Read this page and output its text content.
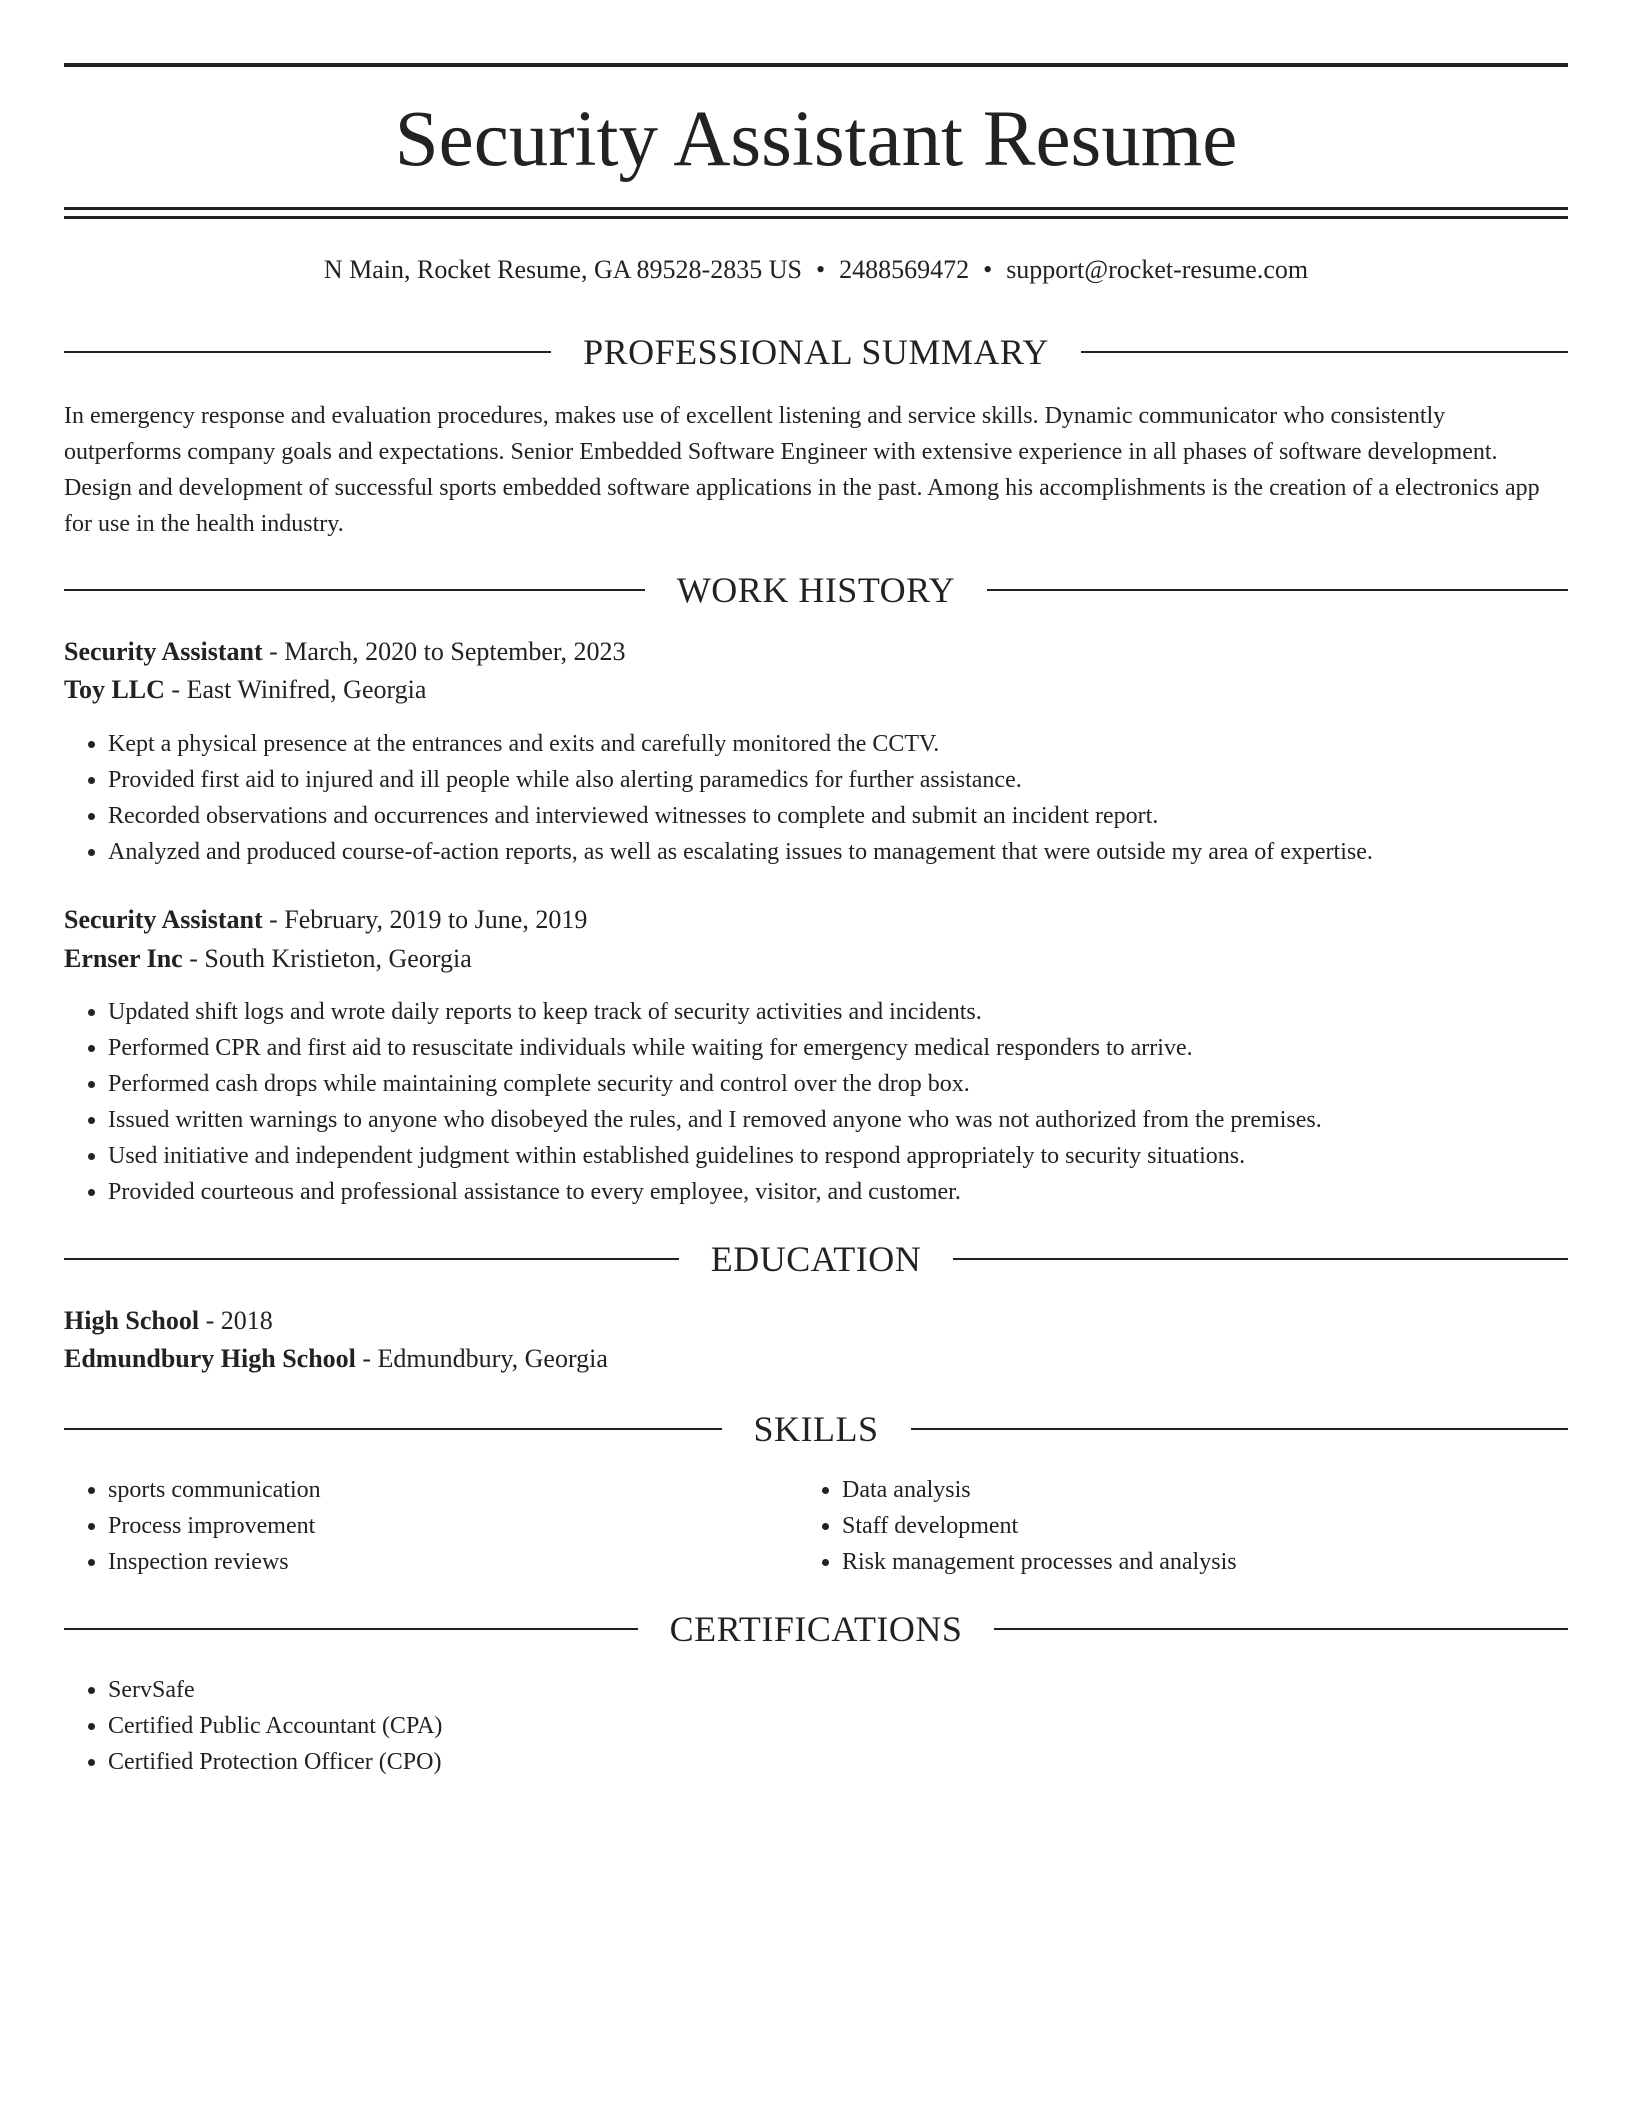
Security Assistant Resume
N Main, Rocket Resume, GA 89528-2835 US • 2488569472 • support@rocket-resume.com
PROFESSIONAL SUMMARY

In emergency response and evaluation procedures, makes use of excellent listening and service skills. Dynamic communicator who consistently outperforms company goals and expectations. Senior Embedded Software Engineer with extensive experience in all phases of software development. Design and development of successful sports embedded software applications in the past. Among his accomplishments is the creation of a electronics app for use in the health industry.

WORK HISTORY
Security Assistant - March, 2020 to September, 2023
Toy LLC - East Winifred, Georgia
• Kept a physical presence at the entrances and exits and carefully monitored the CCTV.
• Provided first aid to injured and ill people while also alerting paramedics for further assistance.
• Recorded observations and occurrences and interviewed witnesses to complete and submit an incident report.
• Analyzed and produced course-of-action reports, as well as escalating issues to management that were outside my area of expertise.
Security Assistant - February, 2019 to June, 2019
Ernser Inc - South Kristieton, Georgia
• Updated shift logs and wrote daily reports to keep track of security activities and incidents.
• Performed CPR and first aid to resuscitate individuals while waiting for emergency medical responders to arrive.
• Performed cash drops while maintaining complete security and control over the drop box.
• Issued written warnings to anyone who disobeyed the rules, and I removed anyone who was not authorized from the premises.
• Used initiative and independent judgment within established guidelines to respond appropriately to security situations.
• Provided courteous and professional assistance to every employee, visitor, and customer.
EDUCATION
High School - 2018
Edmundbury High School - Edmundbury, Georgia
SKILLS
• sports communication
• Process improvement
• Inspection reviews
• Data analysis
• Staff development
• Risk management processes and analysis
CERTIFICATIONS
• ServSafe
• Certified Public Accountant (CPA)
• Certified Protection Officer (CPO)
